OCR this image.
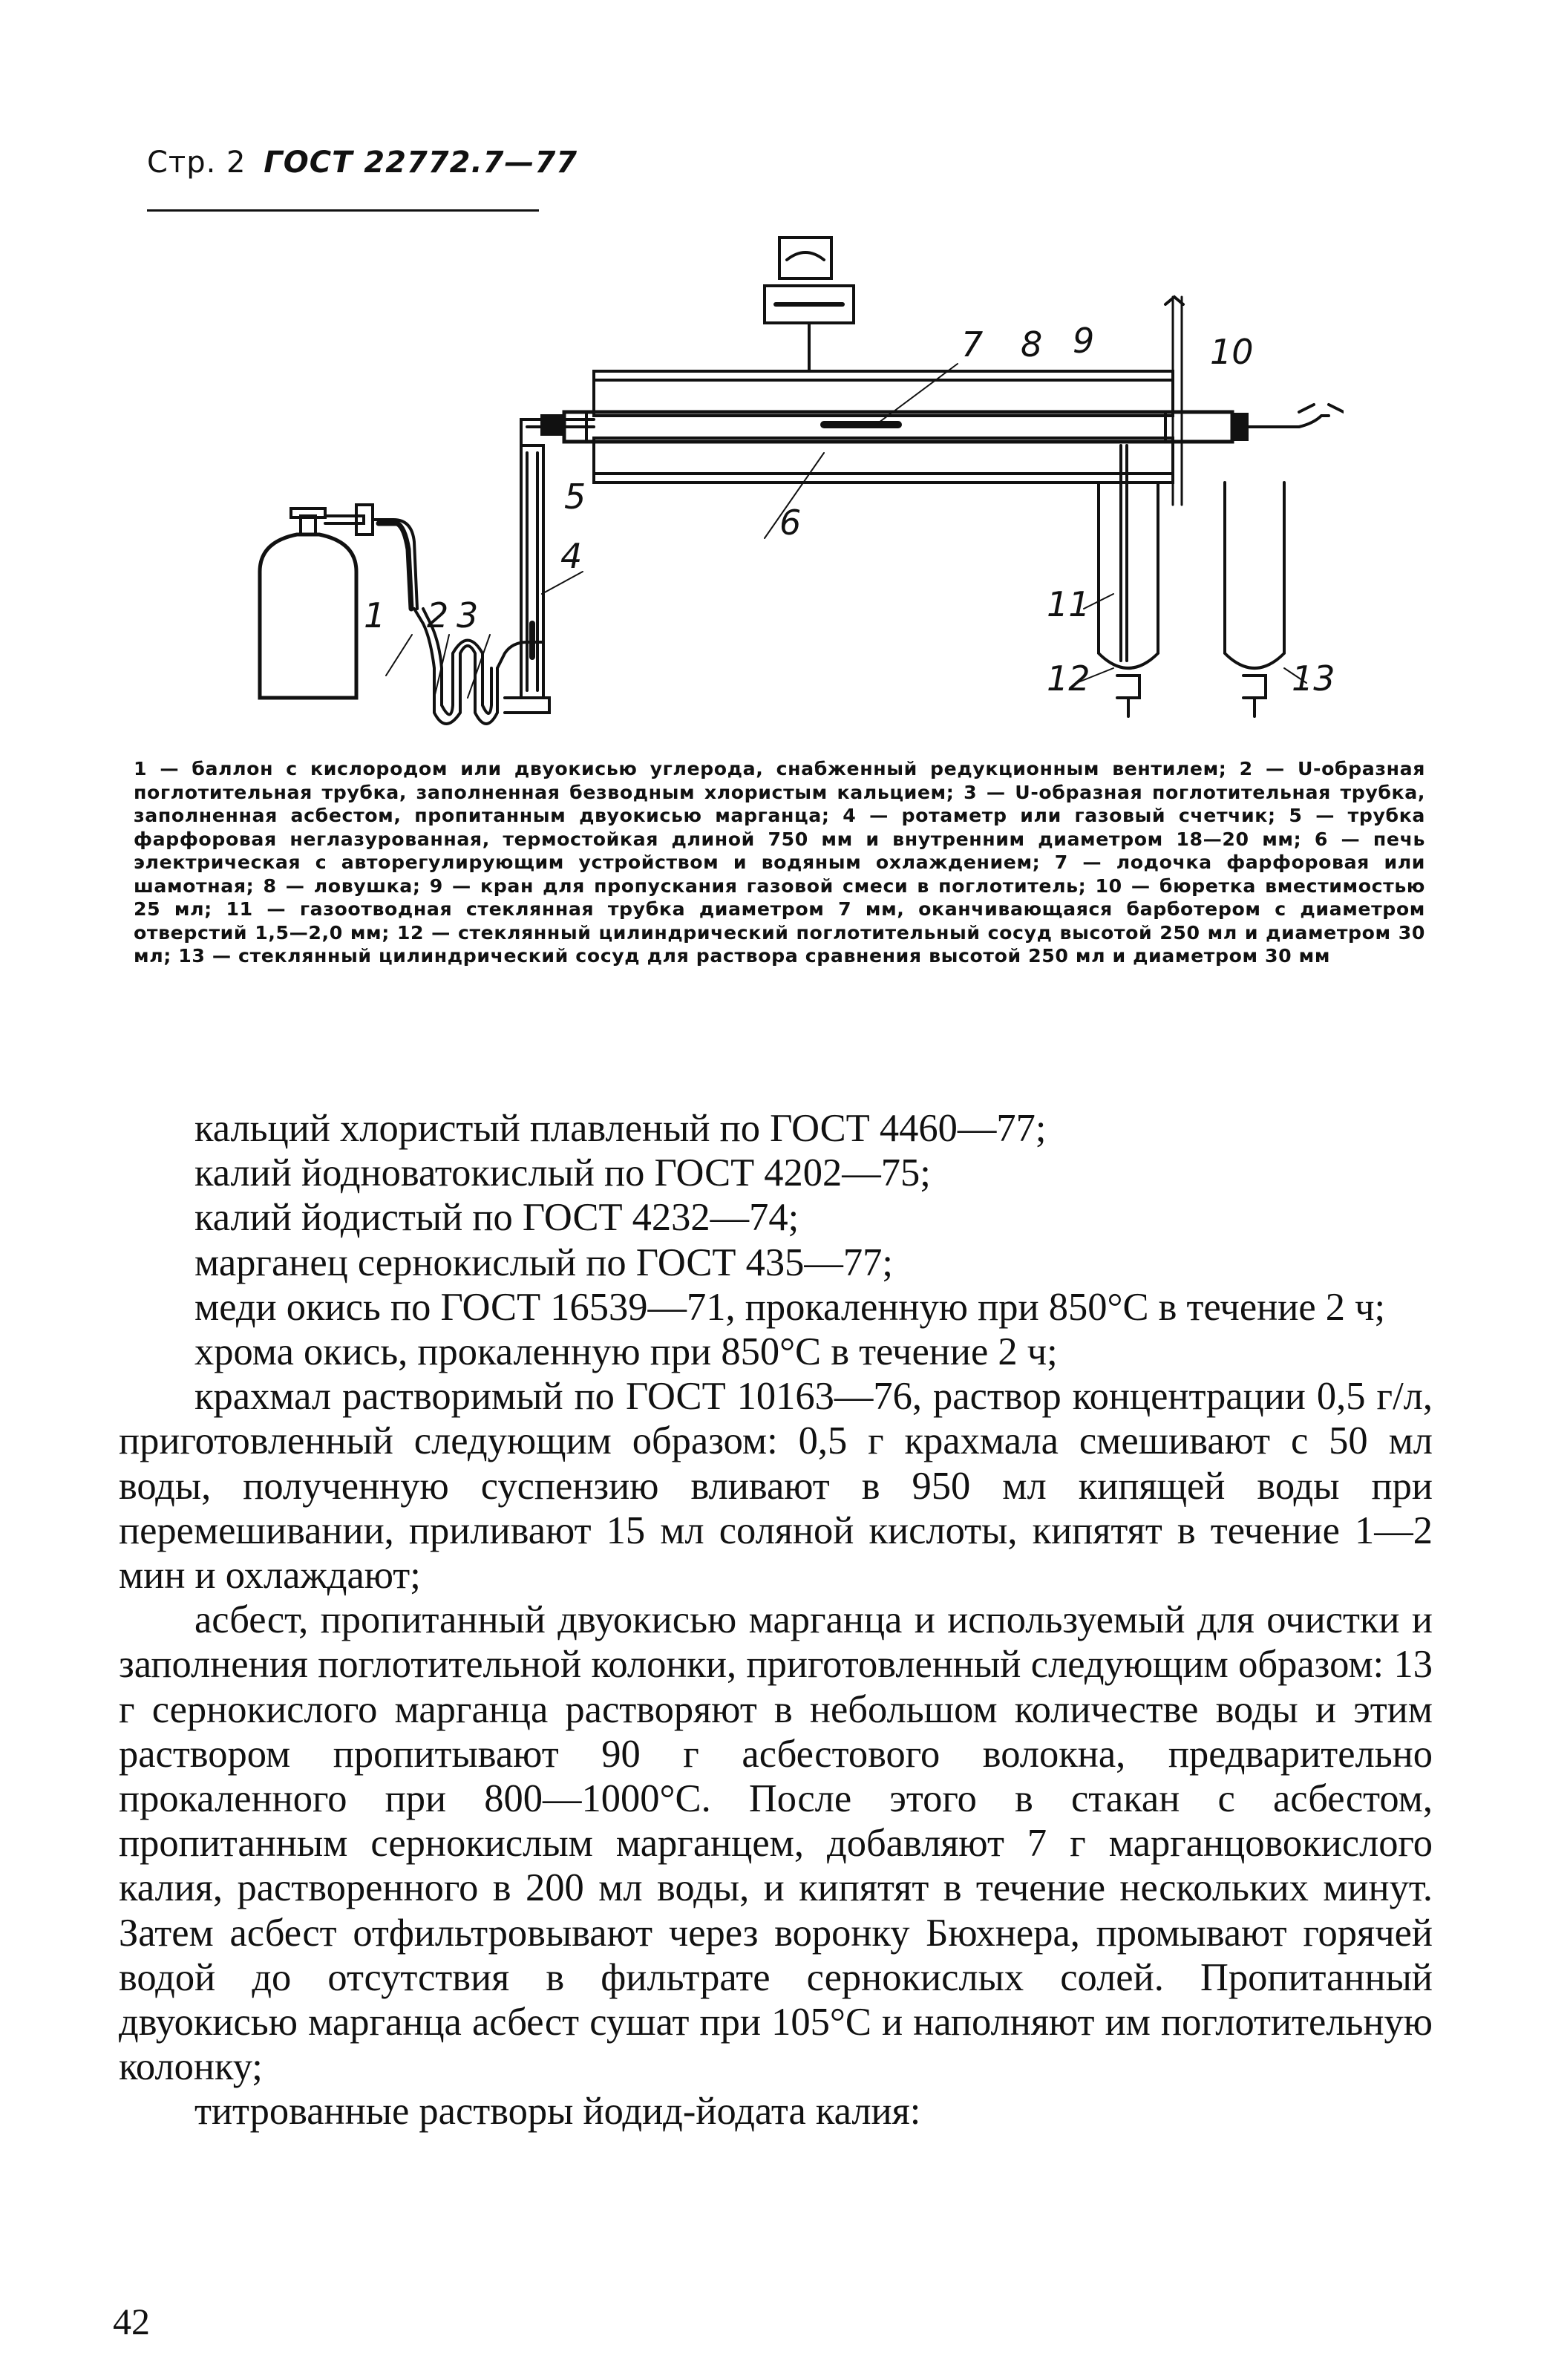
Стр. 2 ГОСТ 22772.7—77
1 2 3
4
5
6
7 8 9	10
11
12	13
1 — баллон с кислородом или двуокисью углерода, снабженный редукционным вентилем; 2 — U-образная поглотительная трубка, заполненная безводным хлористым кальцием; 3 — U-образная поглотительная трубка, заполненная асбестом, пропитанным двуокисью марганца; 4 — ротаметр или газовый счетчик; 5 — трубка фарфоровая неглазурованная, термостойкая длиной 750 мм и внутренним диаметром 18—20 мм; 6 — печь электрическая с авторегулирующим устройством и водяным охлаждением; 7 — лодочка фарфоровая или шамотная; 8 — ловушка; 9 — кран для пропускания газовой смеси в поглотитель; 10 — бюретка вместимостью 25 мл; 11 — газоотводная стеклянная трубка диаметром 7 мм, оканчивающаяся барботером с диаметром отверстий 1,5—2,0 мм; 12 — стеклянный цилиндрический поглотительный сосуд высотой 250 мл и диаметром 30 мл; 13 — стеклянный цилиндрический сосуд для раствора сравнения высотой 250 мл и диаметром 30 мм

кальций хлористый плавленый по ГОСТ 4460—77;

калий йодноватокислый по ГОСТ 4202—75;

калий йодистый по ГОСТ 4232—74;

марганец сернокислый по ГОСТ 435—77;

меди окись по ГОСТ 16539—71, прокаленную при 850°С в течение 2 ч;

хрома окись, прокаленную при 850°С в течение 2 ч;

крахмал растворимый по ГОСТ 10163—76, раствор концентрации 0,5 г/л, приготовленный следующим образом: 0,5 г крахмала смешивают с 50 мл воды, полученную суспензию вливают в 950 мл кипящей воды при перемешивании, приливают 15 мл соляной кислоты, кипятят в течение 1—2 мин и охлаждают;

асбест, пропитанный двуокисью марганца и используемый для очистки и заполнения поглотительной колонки, приготовленный следующим образом: 13 г сернокислого марганца растворяют в небольшом количестве воды и этим раствором пропитывают 90 г асбестового волокна, предварительно прокаленного при 800—1000°С. После этого в стакан с асбестом, пропитанным сернокислым марганцем, добавляют 7 г марганцовокислого калия, растворенного в 200 мл воды, и кипятят в течение нескольких минут. Затем асбест отфильтровывают через воронку Бюхнера, промывают горячей водой до отсутствия в фильтрате сернокислых солей. Пропитанный двуокисью марганца асбест сушат при 105°С и наполняют им поглотительную колонку;

титрованные растворы йодид-йодата калия:

42
